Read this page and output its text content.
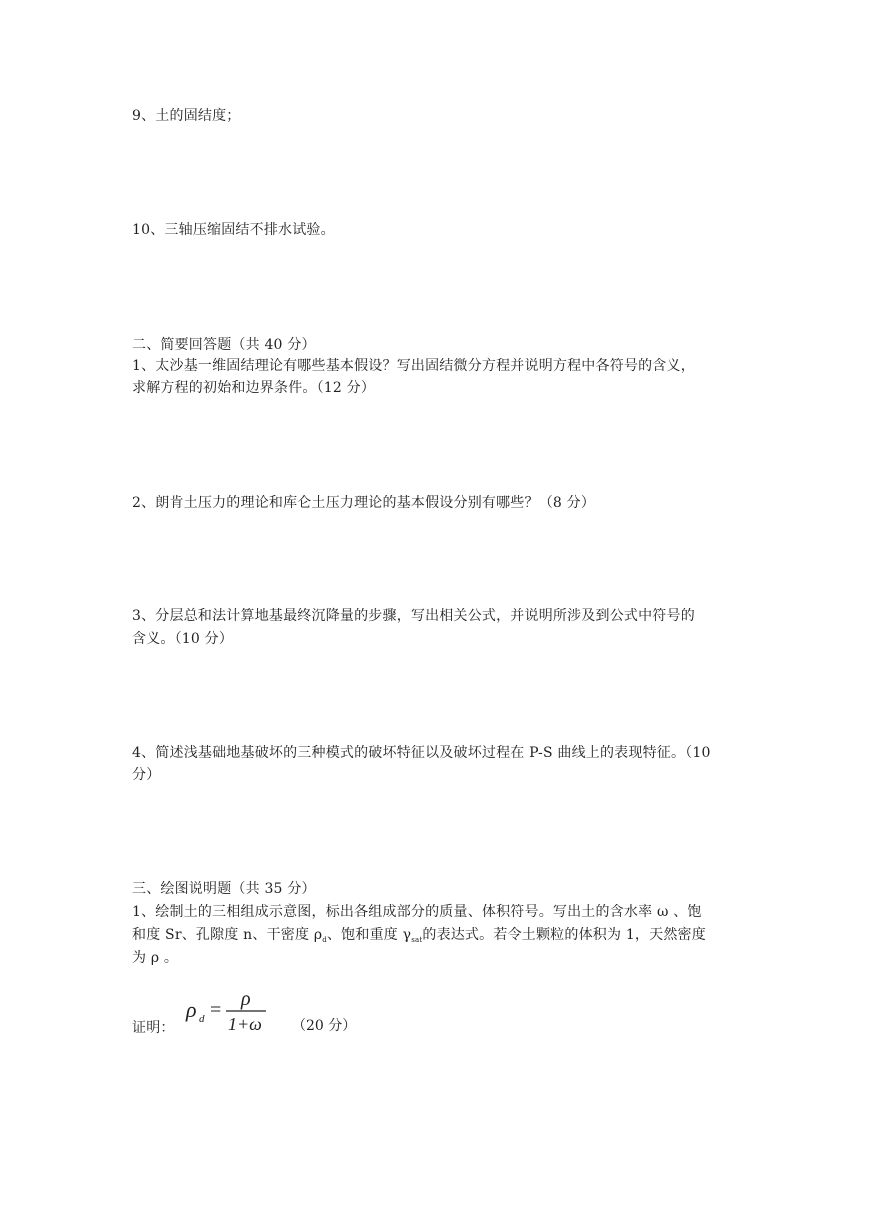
9、土的固结度；
10、三轴压缩固结不排水试验。
二、简要回答题（共 40 分）
1、太沙基一维固结理论有哪些基本假设？写出固结微分方程并说明方程中各符号的含义，
求解方程的初始和边界条件。（12 分）
2、朗肯土压力的理论和库仑土压力理论的基本假设分别有哪些？（8 分）
3、分层总和法计算地基最终沉降量的步骤，写出相关公式，并说明所涉及到公式中符号的
含义。（10 分）
4、简述浅基础地基破坏的三种模式的破坏特征以及破坏过程在 P-S 曲线上的表现特征。（10
分）
三、绘图说明题（共 35 分）
1、绘制土的三相组成示意图，标出各组成部分的质量、体积符号。写出土的含水率 ω 、饱
和度 Sr、孔隙度 n、干密度 $\rho_d$、饱和重度 $\gamma_{sat}$的表达式。若令土颗粒的体积为 1，天然密度
为 ρ 。
证明：
ρ d = ρ
1+ω （20 分）
